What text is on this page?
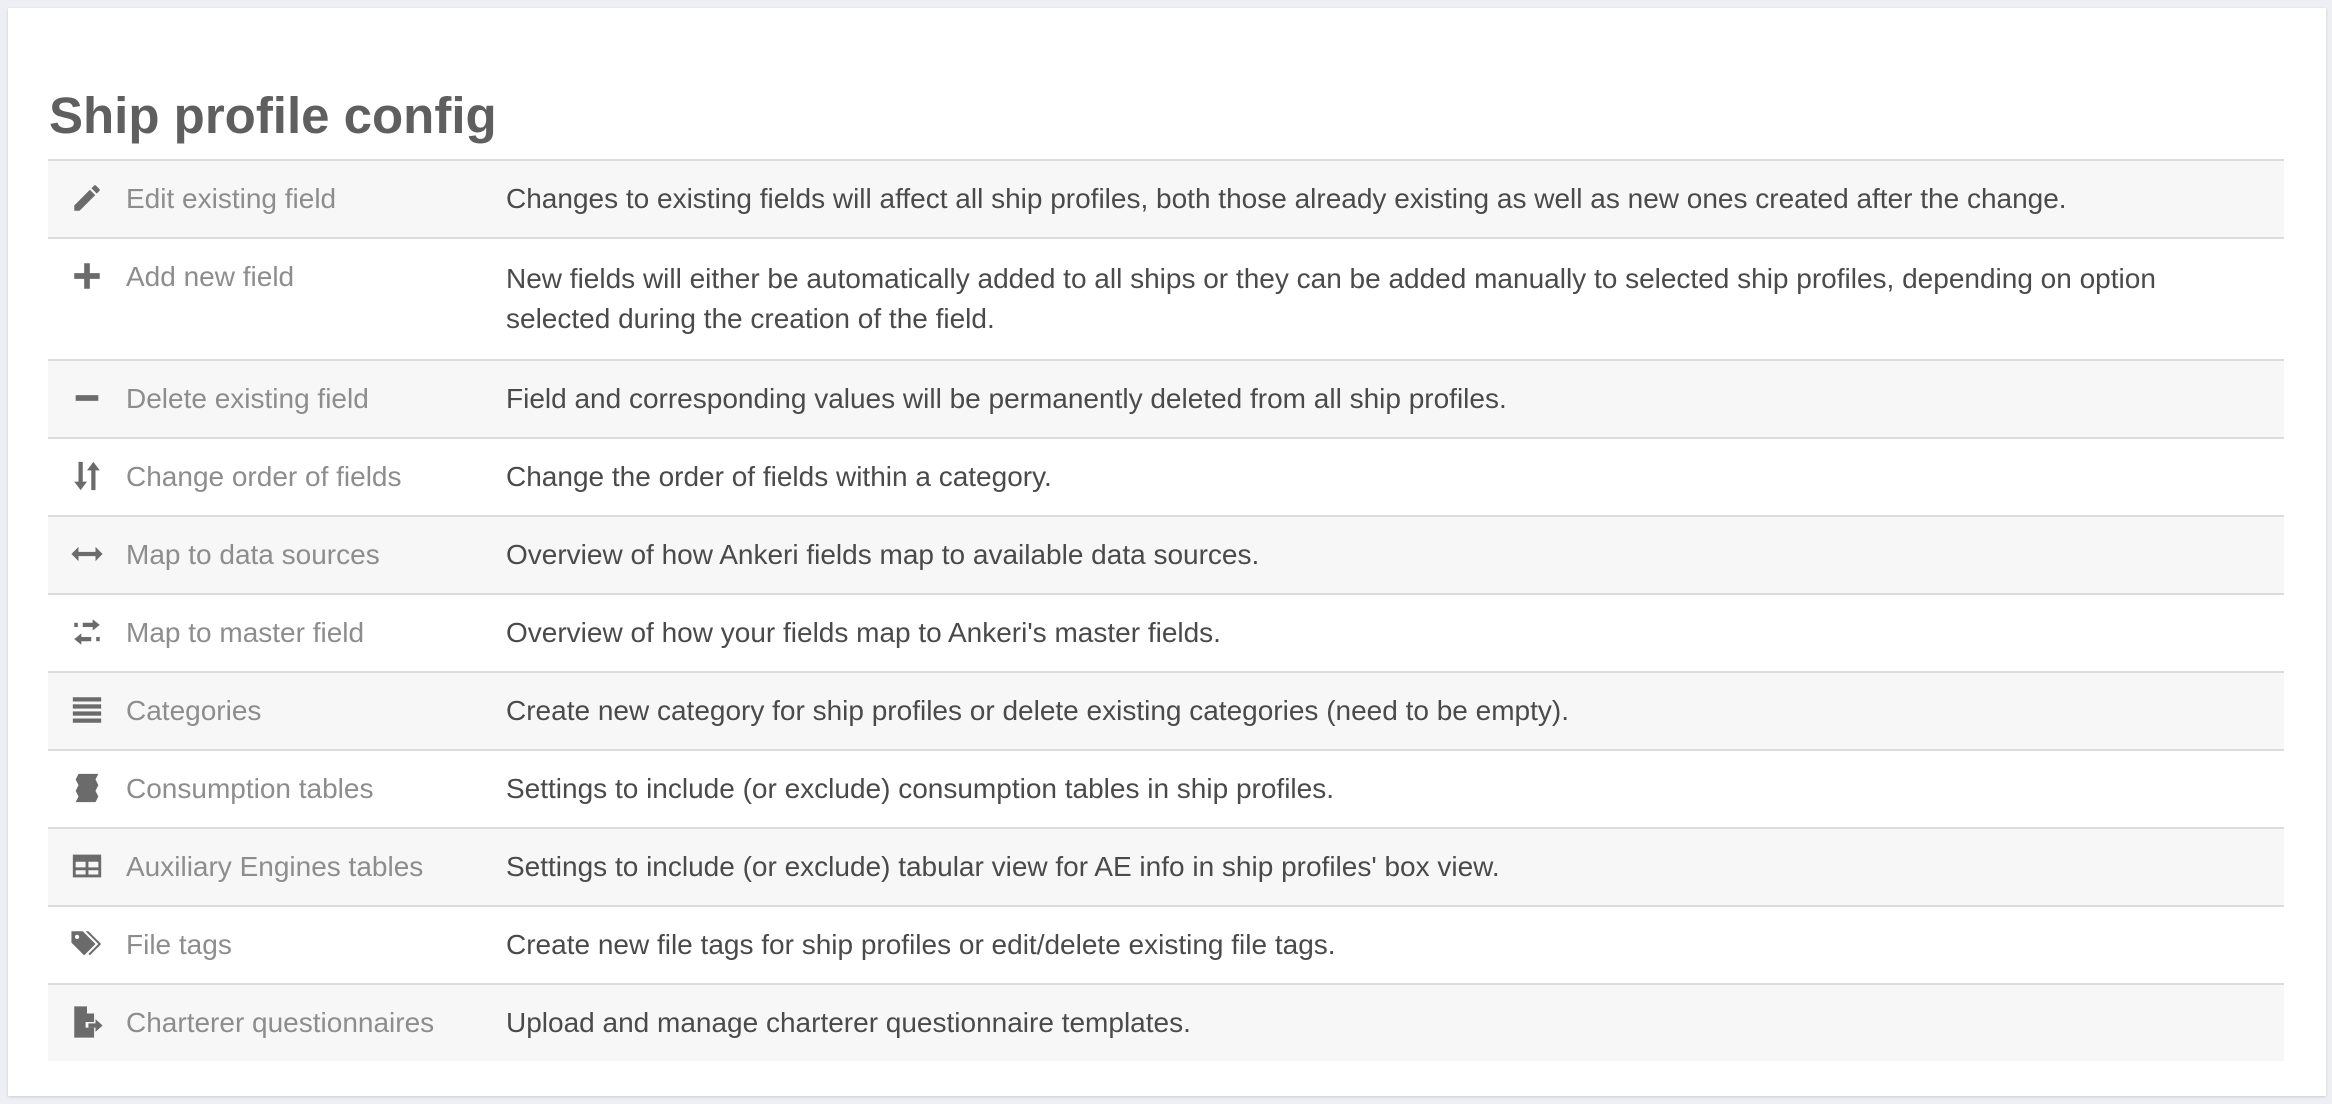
Ship profile config
Edit existing field	Changes to existing fields will affect all ship profiles, both those already existing as well as new ones created after the change.
Add new field	New fields will either be automatically added to all ships or they can be added manually to selected ship profiles, depending on option selected during the creation of the field.
Delete existing field	Field and corresponding values will be permanently deleted from all ship profiles.
Change order of fields	Change the order of fields within a category.
Map to data sources	Overview of how Ankeri fields map to available data sources.
Map to master field	Overview of how your fields map to Ankeri's master fields.
Categories	Create new category for ship profiles or delete existing categories (need to be empty).
Consumption tables	Settings to include (or exclude) consumption tables in ship profiles.
Auxiliary Engines tables	Settings to include (or exclude) tabular view for AE info in ship profiles' box view.
File tags	Create new file tags for ship profiles or edit/delete existing file tags.
Charterer questionnaires	Upload and manage charterer questionnaire templates.
